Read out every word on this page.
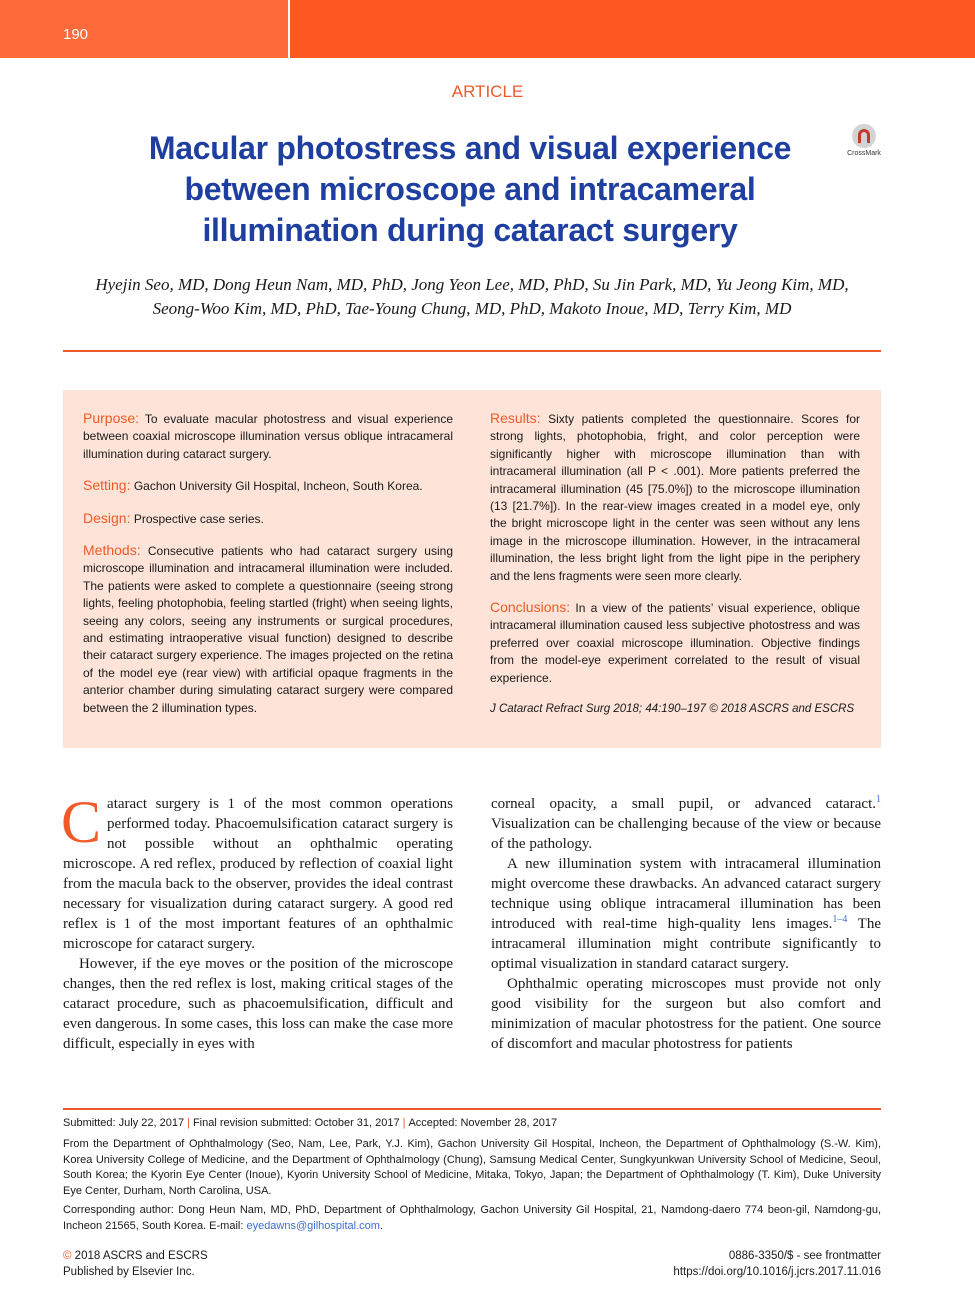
190
ARTICLE
Macular photostress and visual experience between microscope and intracameral illumination during cataract surgery
CrossMark
Hyejin Seo, MD, Dong Heun Nam, MD, PhD, Jong Yeon Lee, MD, PhD, Su Jin Park, MD, Yu Jeong Kim, MD,
Seong-Woo Kim, MD, PhD, Tae-Young Chung, MD, PhD, Makoto Inoue, MD, Terry Kim, MD

Purpose: To evaluate macular photostress and visual experience between coaxial microscope illumination versus oblique intracameral illumination during cataract surgery.

Setting: Gachon University Gil Hospital, Incheon, South Korea.

Design: Prospective case series.

Methods: Consecutive patients who had cataract surgery using microscope illumination and intracameral illumination were included. The patients were asked to complete a questionnaire (seeing strong lights, feeling photophobia, feeling startled (fright) when seeing lights, seeing any colors, seeing any instruments or surgical procedures, and estimating intraoperative visual function) designed to describe their cataract surgery experience. The images projected on the retina of the model eye (rear view) with artificial opaque fragments in the anterior chamber during simulating cataract surgery were compared between the 2 illumination types.

Results: Sixty patients completed the questionnaire. Scores for strong lights, photophobia, fright, and color perception were significantly higher with microscope illumination than with intracameral illumination (all P < .001). More patients preferred the intracameral illumination (45 [75.0%]) to the microscope illumination (13 [21.7%]). In the rear-view images created in a model eye, only the bright microscope light in the center was seen without any lens image in the microscope illumination. However, in the intracameral illumination, the less bright light from the light pipe in the periphery and the lens fragments were seen more clearly.

Conclusions: In a view of the patients’ visual experience, oblique intracameral illumination caused less subjective photostress and was preferred over coaxial microscope illumination. Objective findings from the model-eye experiment correlated to the result of visual experience.

J Cataract Refract Surg 2018; 44:190–197 © 2018 ASCRS and ESCRS

Cataract surgery is 1 of the most common operations performed today. Phacoemulsification cataract surgery is not possible without an ophthalmic operating microscope. A red reflex, produced by reflection of coaxial light from the macula back to the observer, provides the ideal contrast necessary for visualization during cataract surgery. A good red reflex is 1 of the most important features of an ophthalmic microscope for cataract surgery.

However, if the eye moves or the position of the microscope changes, then the red reflex is lost, making critical stages of the cataract procedure, such as phacoemulsification, difficult and even dangerous. In some cases, this loss can make the case more difficult, especially in eyes with

corneal opacity, a small pupil, or advanced cataract.$^1$ Visualization can be challenging because of the view or because of the pathology.

A new illumination system with intracameral illumination might overcome these drawbacks. An advanced cataract surgery technique using oblique intracameral illumination has been introduced with real-time high-quality lens images.$^{1-4}$ The intracameral illumination might contribute significantly to optimal visualization in standard cataract surgery.

Ophthalmic operating microscopes must provide not only good visibility for the surgeon but also comfort and minimization of macular photostress for the patient. One source of discomfort and macular photostress for patients

Submitted: July 22, 2017 | Final revision submitted: October 31, 2017 | Accepted: November 28, 2017
From the Department of Ophthalmology (Seo, Nam, Lee, Park, Y.J. Kim), Gachon University Gil Hospital, Incheon, the Department of Ophthalmology (S.-W. Kim), Korea University College of Medicine, and the Department of Ophthalmology (Chung), Samsung Medical Center, Sungkyunkwan University School of Medicine, Seoul, South Korea; the Kyorin Eye Center (Inoue), Kyorin University School of Medicine, Mitaka, Tokyo, Japan; the Department of Ophthalmology (T. Kim), Duke University Eye Center, Durham, North Carolina, USA.
Corresponding author: Dong Heun Nam, MD, PhD, Department of Ophthalmology, Gachon University Gil Hospital, 21, Namdong-daero 774 beon-gil, Namdong-gu, Incheon 21565, South Korea. E-mail: eyedawns@gilhospital.com.
© 2018 ASCRS and ESCRS
Published by Elsevier Inc.
0886-3350/$ - see frontmatter
https://doi.org/10.1016/j.jcrs.2017.11.016
